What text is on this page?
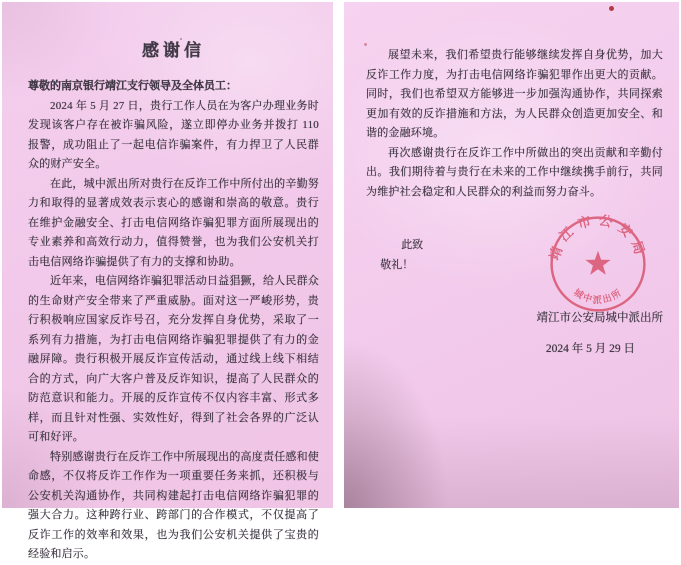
感谢信

尊敬的南京银行靖江支行领导及全体员工：

2024 年 5 月 27 日，贵行工作人员在为客户办理业务时发现该客户存在被诈骗风险，遂立即停办业务并拨打 110 报警，成功阻止了一起电信诈骗案件，有力捍卫了人民群众的财产安全。

在此，城中派出所对贵行在反诈工作中所付出的辛勤努力和取得的显著成效表示衷心的感谢和崇高的敬意。贵行在维护金融安全、打击电信网络诈骗犯罪方面所展现出的专业素养和高效行动力，值得赞誉，也为我们公安机关打击电信网络诈骗提供了有力的支撑和协助。

近年来，电信网络诈骗犯罪活动日益猖獗，给人民群众的生命财产安全带来了严重威胁。面对这一严峻形势，贵行积极响应国家反诈号召，充分发挥自身优势，采取了一系列有力措施，为打击电信网络诈骗犯罪提供了有力的金融屏障。贵行积极开展反诈宣传活动，通过线上线下相结合的方式，向广大客户普及反诈知识，提高了人民群众的防范意识和能力。开展的反诈宣传不仅内容丰富、形式多样，而且针对性强、实效性好，得到了社会各界的广泛认可和好评。

特别感谢贵行在反诈工作中所展现出的高度责任感和使命感，不仅将反诈工作作为一项重要任务来抓，还积极与公安机关沟通协作，共同构建起打击电信网络诈骗犯罪的强大合力。这种跨行业、跨部门的合作模式，不仅提高了反诈工作的效率和效果，也为我们公安机关提供了宝贵的经验和启示。

展望未来，我们希望贵行能够继续发挥自身优势，加大反诈工作力度，为打击电信网络诈骗犯罪作出更大的贡献。同时，我们也希望双方能够进一步加强沟通协作，共同探索更加有效的反诈措施和方法，为人民群众创造更加安全、和谐的金融环境。

再次感谢贵行在反诈工作中所做出的突出贡献和辛勤付出。我们期待着与贵行在未来的工作中继续携手前行，共同为维护社会稳定和人民群众的利益而努力奋斗。

此致

敬礼！

靖江市公安局城中派出所

2024 年 5 月 29 日

靖江市公安局
城中派出所
